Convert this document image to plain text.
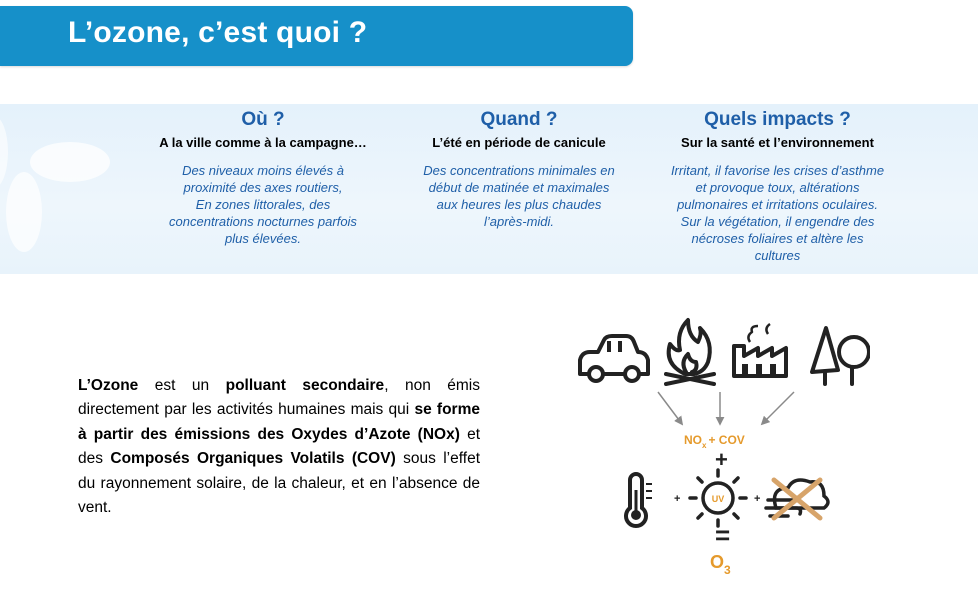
L’ozone, c’est quoi ?
Où ?
A la ville comme à la campagne…
Des niveaux moins élevés à
proximité des axes routiers,
En zones littorales, des
concentrations nocturnes parfois
plus élevées.
Quand ?
L’été en période de canicule
Des concentrations minimales en
début de matinée et maximales
aux heures les plus chaudes
l’après-midi.
Quels impacts ?
Sur la santé et l’environnement
Irritant, il favorise les crises d’asthme
et provoque toux, altérations
pulmonaires et irritations oculaires.
Sur la végétation, il engendre des
nécroses foliaires et altère les
cultures

L’Ozone est un polluant secondaire, non émis directement par les activités humaines mais qui se forme à partir des émissions des Oxydes d’Azote (NOx) et des Composés Organiques Volatils (COV) sous l’effet du rayonnement solaire, de la chaleur, et en l’absence de vent.

$NO_x$ + COV
+
+	UV	+
=
$O_3$
